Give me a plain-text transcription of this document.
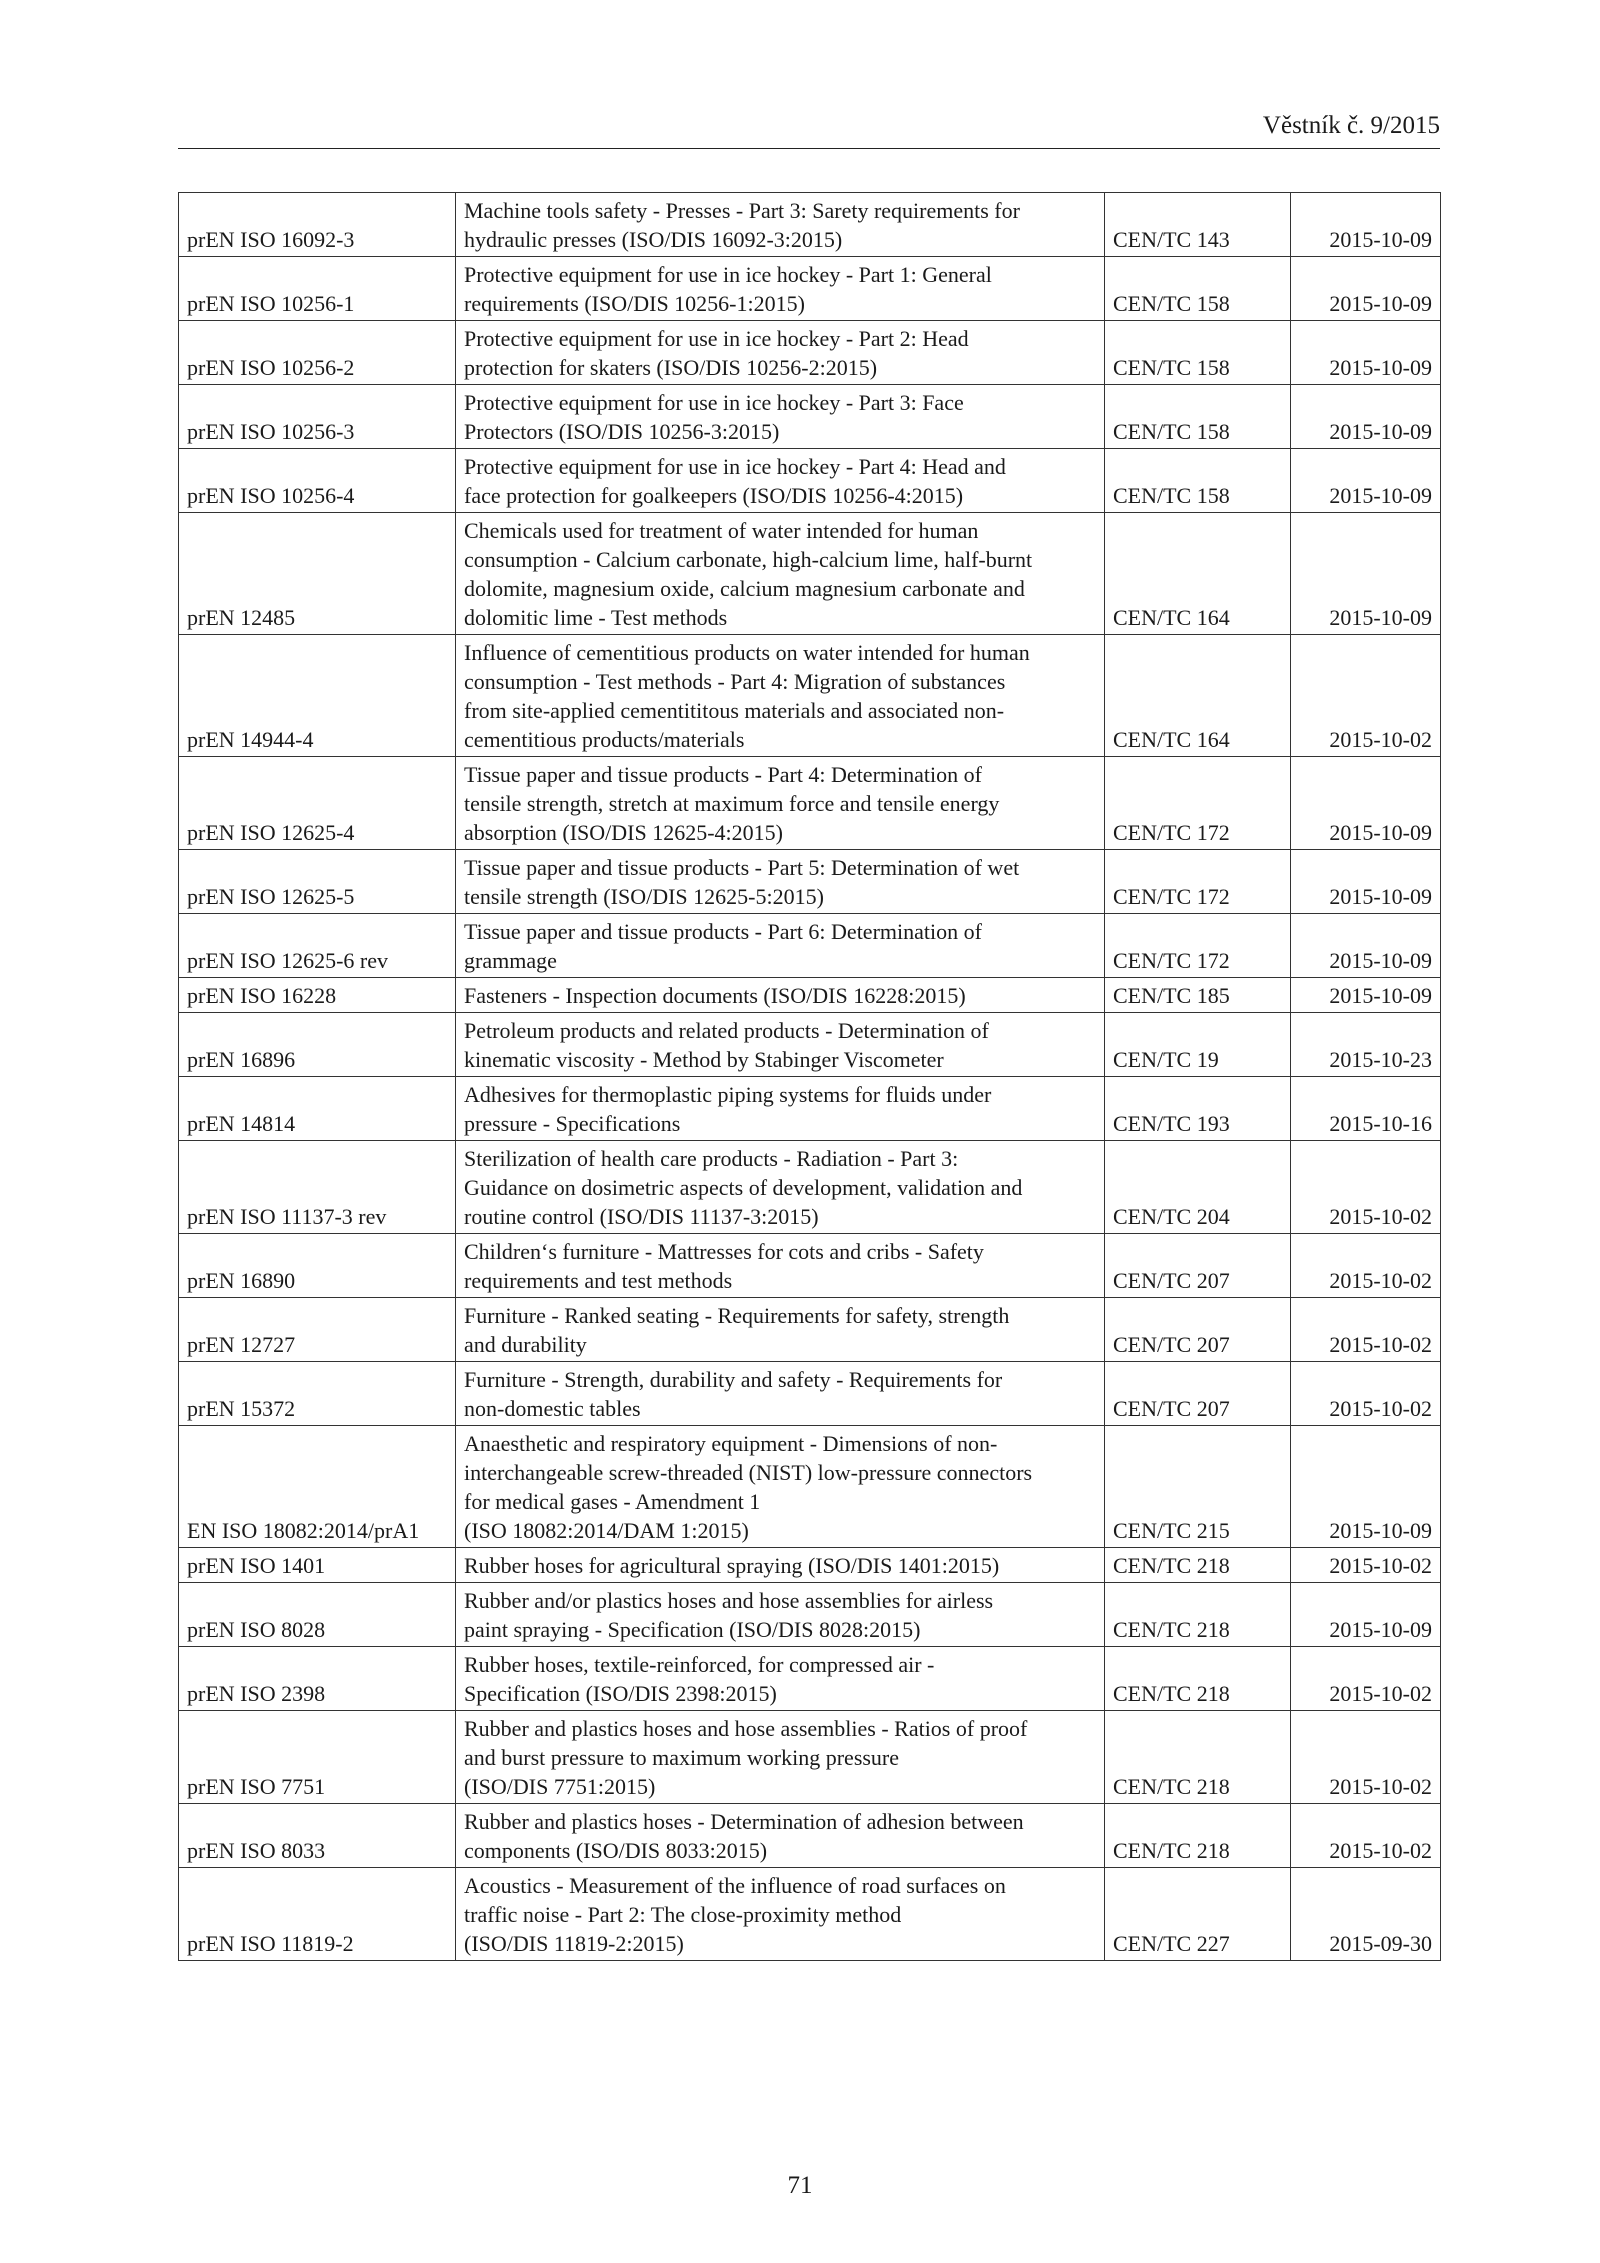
Věstník č. 9/2015
prEN ISO 16092-3	Machine tools safety - Presses - Part 3: Sarety requirements for
hydraulic presses (ISO/DIS 16092-3:2015)	CEN/TC 143	2015-10-09
prEN ISO 10256-1	Protective equipment for use in ice hockey - Part 1: General
requirements (ISO/DIS 10256-1:2015)	CEN/TC 158	2015-10-09
prEN ISO 10256-2	Protective equipment for use in ice hockey - Part 2: Head
protection for skaters (ISO/DIS 10256-2:2015)	CEN/TC 158	2015-10-09
prEN ISO 10256-3	Protective equipment for use in ice hockey - Part 3: Face
Protectors (ISO/DIS 10256-3:2015)	CEN/TC 158	2015-10-09
prEN ISO 10256-4	Protective equipment for use in ice hockey - Part 4: Head and
face protection for goalkeepers (ISO/DIS 10256-4:2015)	CEN/TC 158	2015-10-09
prEN 12485	Chemicals used for treatment of water intended for human
consumption - Calcium carbonate, high-calcium lime, half-burnt
dolomite, magnesium oxide, calcium magnesium carbonate and
dolomitic lime - Test methods	CEN/TC 164	2015-10-09
prEN 14944-4	Influence of cementitious products on water intended for human
consumption - Test methods - Part 4: Migration of substances
from site-applied cementititous materials and associated non-
cementitious products/materials	CEN/TC 164	2015-10-02
prEN ISO 12625-4	Tissue paper and tissue products - Part 4: Determination of
tensile strength, stretch at maximum force and tensile energy
absorption (ISO/DIS 12625-4:2015)	CEN/TC 172	2015-10-09
prEN ISO 12625-5	Tissue paper and tissue products - Part 5: Determination of wet
tensile strength (ISO/DIS 12625-5:2015)	CEN/TC 172	2015-10-09
prEN ISO 12625-6 rev	Tissue paper and tissue products - Part 6: Determination of
grammage	CEN/TC 172	2015-10-09
prEN ISO 16228	Fasteners - Inspection documents (ISO/DIS 16228:2015)	CEN/TC 185	2015-10-09
prEN 16896	Petroleum products and related products - Determination of
kinematic viscosity - Method by Stabinger Viscometer	CEN/TC 19	2015-10-23
prEN 14814	Adhesives for thermoplastic piping systems for fluids under
pressure - Specifications	CEN/TC 193	2015-10-16
prEN ISO 11137-3 rev	Sterilization of health care products - Radiation - Part 3:
Guidance on dosimetric aspects of development, validation and
routine control (ISO/DIS 11137-3:2015)	CEN/TC 204	2015-10-02
prEN 16890	Children‘s furniture - Mattresses for cots and cribs - Safety
requirements and test methods	CEN/TC 207	2015-10-02
prEN 12727	Furniture - Ranked seating - Requirements for safety, strength
and durability	CEN/TC 207	2015-10-02
prEN 15372	Furniture - Strength, durability and safety - Requirements for
non-domestic tables	CEN/TC 207	2015-10-02
EN ISO 18082:2014/prA1	Anaesthetic and respiratory equipment - Dimensions of non-
interchangeable screw-threaded (NIST) low-pressure connectors
for medical gases - Amendment 1
(ISO 18082:2014/DAM 1:2015)	CEN/TC 215	2015-10-09
prEN ISO 1401	Rubber hoses for agricultural spraying (ISO/DIS 1401:2015)	CEN/TC 218	2015-10-02
prEN ISO 8028	Rubber and/or plastics hoses and hose assemblies for airless
paint spraying - Specification (ISO/DIS 8028:2015)	CEN/TC 218	2015-10-09
prEN ISO 2398	Rubber hoses, textile-reinforced, for compressed air -
Specification (ISO/DIS 2398:2015)	CEN/TC 218	2015-10-02
prEN ISO 7751	Rubber and plastics hoses and hose assemblies - Ratios of proof
and burst pressure to maximum working pressure
(ISO/DIS 7751:2015)	CEN/TC 218	2015-10-02
prEN ISO 8033	Rubber and plastics hoses - Determination of adhesion between
components (ISO/DIS 8033:2015)	CEN/TC 218	2015-10-02
prEN ISO 11819-2	Acoustics - Measurement of the influence of road surfaces on
traffic noise - Part 2: The close-proximity method
(ISO/DIS 11819-2:2015)	CEN/TC 227	2015-09-30
71
